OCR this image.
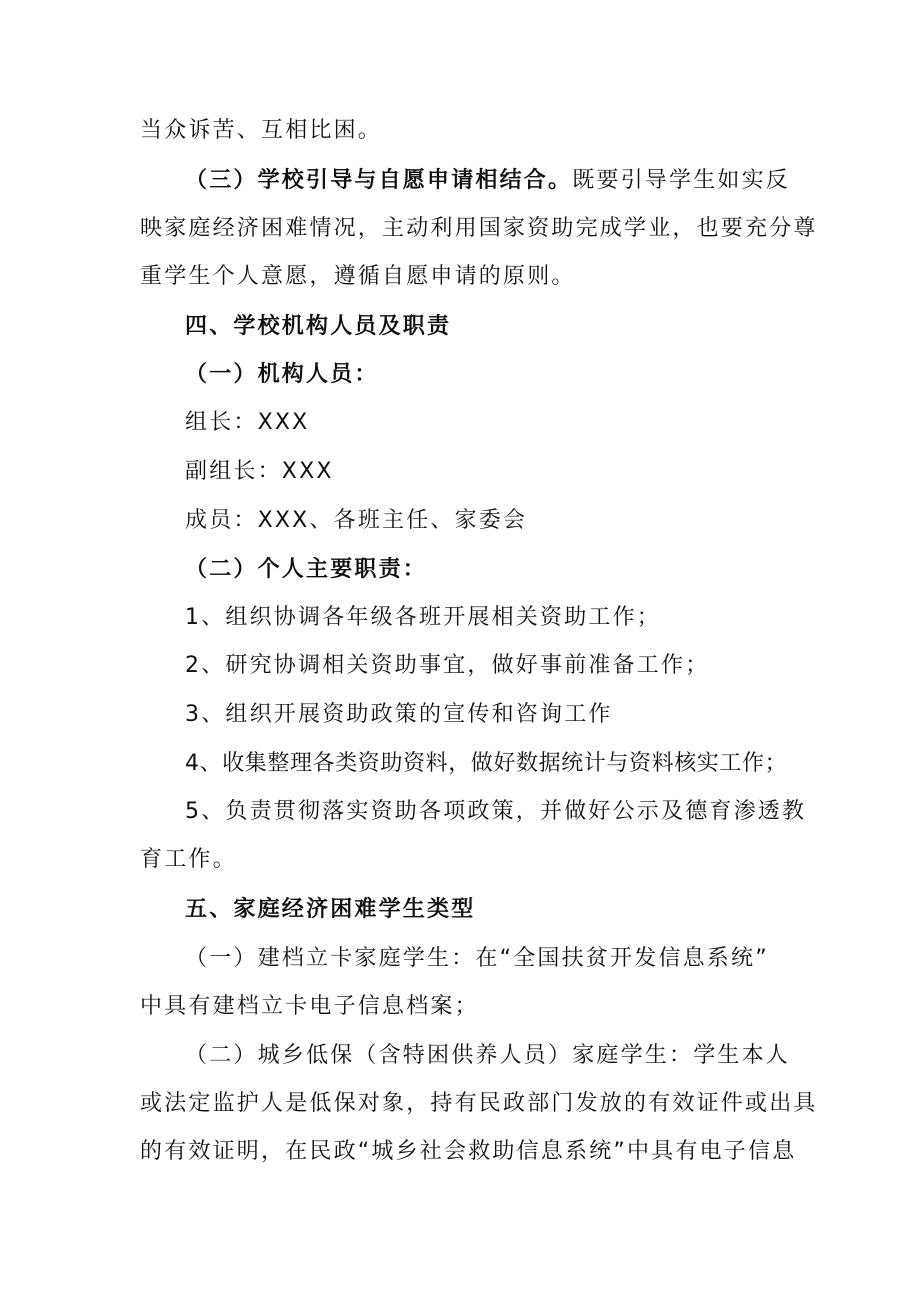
当众诉苦、互相比困。
（三）学校引导与自愿申请相结合。既要引导学生如实反
映家庭经济困难情况，主动利用国家资助完成学业，也要充分尊
重学生个人意愿，遵循自愿申请的原则。
四、学校机构人员及职责
（一）机构人员：
组长：XXX
副组长：XXX
成员：XXX、各班主任、家委会
（二）个人主要职责：
1、组织协调各年级各班开展相关资助工作；
2、研究协调相关资助事宜，做好事前准备工作；
3、组织开展资助政策的宣传和咨询工作
4、收集整理各类资助资料，做好数据统计与资料核实工作；
5、负责贯彻落实资助各项政策，并做好公示及德育渗透教
育工作。
五、家庭经济困难学生类型
（一）建档立卡家庭学生：在“全国扶贫开发信息系统”
中具有建档立卡电子信息档案；
（二）城乡低保（含特困供养人员）家庭学生：学生本人
或法定监护人是低保对象，持有民政部门发放的有效证件或出具
的有效证明，在民政“城乡社会救助信息系统”中具有电子信息
